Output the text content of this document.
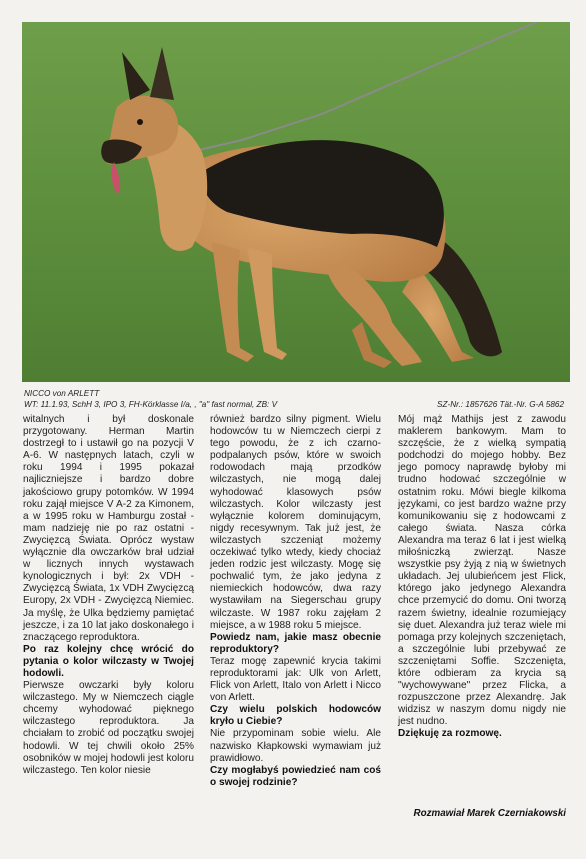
NICCO von ARLETT
WT: 11.1.93, SchH 3, IPO 3, FH-Körklasse I/a, , "a" fast normal, ZB: V	SZ-Nr.: 1857626 Tät.-Nr. G-A 5862

witalnych i był doskonale przygotowany. Herman Martin dostrzegł to i ustawił go na pozycji V A-6. W następnych latach, czyli w roku 1994 i 1995 pokazał najliczniejsze i bardzo dobre jakościowo grupy potomków. W 1994 roku zajął miejsce V A-2 za Kimonem, a w 1995 roku w Hamburgu został - mam nadzieję nie po raz ostatni - Zwycięzcą Świata. Oprócz wystaw wyłącznie dla owczarków brał udział w licznych innych wystawach kynologicznych i był: 2x VDH - Zwycięzcą Świata, 1x VDH Zwycięzcą Europy, 2x VDH - Zwycięzcą Niemiec. Ja myślę, że Ulka będziemy pamiętać jeszcze, i za 10 lat jako doskonałego i znaczącego reproduktora.

Po raz kolejny chcę wrócić do pytania o kolor wilczasty w Twojej hodowli.

Pierwsze owczarki były koloru wilczastego. My w Niemczech ciągle chcemy wyhodować pięknego wilczastego reproduktora. Ja chciałam to zrobić od początku swojej hodowli. W tej chwili około 25% osobników w mojej hodowli jest koloru wilczastego. Ten kolor niesie

również bardzo silny pigment. Wielu hodowców tu w Niemczech cierpi z tego powodu, że z ich czarno-podpalanych psów, które w swoich rodowodach mają przodków wilczastych, nie mogą dalej wyhodować klasowych psów wilczastych. Kolor wilczasty jest wyłącznie kolorem dominującym, nigdy recesywnym. Tak już jest, że wilczastych szczeniąt możemy oczekiwać tylko wtedy, kiedy chociaż jeden rodzic jest wilczasty. Mogę się pochwalić tym, że jako jedyna z niemieckich hodowców, dwa razy wystawiłam na Siegerschau grupy wilczaste. W 1987 roku zajęłam 2 miejsce, a w 1988 roku 5 miejsce.

Powiedz nam, jakie masz obecnie reproduktory?

Teraz mogę zapewnić krycia takimi reproduktorami jak: Ulk von Arlett, Flick von Arlett, Italo von Arlett i Nicco von Arlett.

Czy wielu polskich hodowców kryło u Ciebie?

Nie przypominam sobie wielu. Ale nazwisko Kłapkowski wymawiam już prawidłowo.

Czy mogłabyś powiedzieć nam coś o swojej rodzinie?

Mój mąż Mathijs jest z zawodu maklerem bankowym. Mam to szczęście, że z wielką sympatią podchodzi do mojego hobby. Bez jego pomocy naprawdę byłoby mi trudno hodować szczególnie w ostatnim roku. Mówi biegle kilkoma językami, co jest bardzo ważne przy komunikowaniu się z hodowcami z całego świata. Nasza córka Alexandra ma teraz 6 lat i jest wielką miłośniczką zwierząt. Nasze wszystkie psy żyją z nią w świetnych układach. Jej ulubieńcem jest Flick, którego jako jedynego Alexandra chce przemycić do domu. Oni tworzą razem świetny, idealnie rozumiejący się duet. Alexandra już teraz wiele mi pomaga przy kolejnych szczeniętach, a szczególnie lubi przebywać ze szczeniętami Soffie. Szczenięta, które odbieram za krycia są "wychowywane" przez Flicka, a rozpuszczone przez Alexandrę. Jak widzisz w naszym domu nigdy nie jest nudno.

Dziękuję za rozmowę.

Rozmawiał Marek Czerniakowski
